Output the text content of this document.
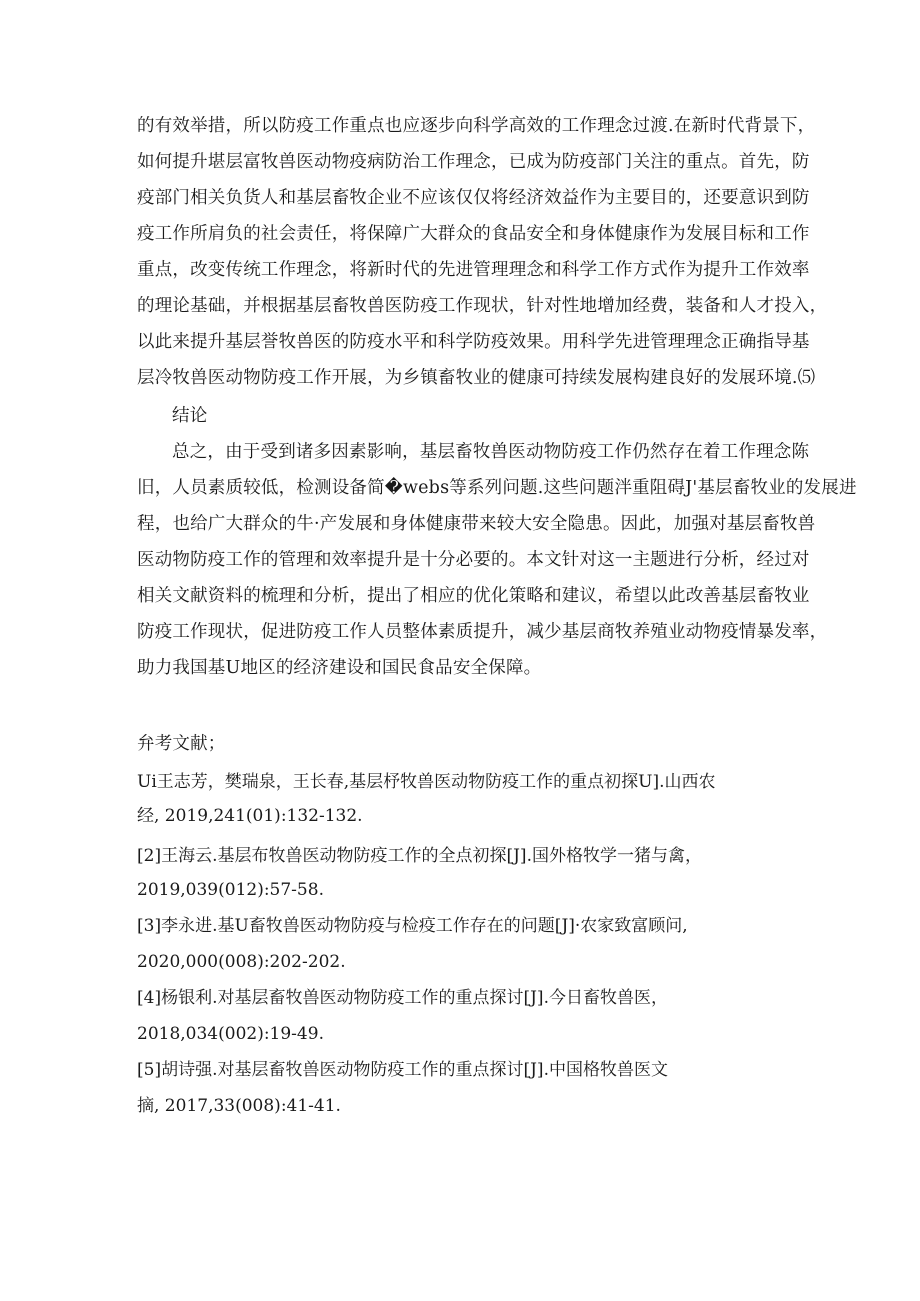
的有效举措，所以防疫工作重点也应逐步向科学高效的工作理念过渡.在新时代背景下，
如何提升堪层富牧兽医动物疫病防治工作理念，已成为防疫部门关注的重点。首先，防
疫部门相关负货人和基层畜牧企业不应该仅仅将经济效益作为主要目的，还要意识到防
疫工作所肩负的社会责任，将保障广大群众的食品安全和身体健康作为发展目标和工作
重点，改变传统工作理念，将新时代的先进管理理念和科学工作方式作为提升工作效率
的理论基础，并根据基层畜牧兽医防疫工作现状，针对性地增加经费，装备和人才投入，
以此来提升基层誉牧兽医的防疫水平和科学防疫效果。用科学先进管理理念正确指导基
层冷牧兽医动物防疫工作开展，为乡镇畜牧业的健康可持续发展构建良好的发展环境.⑸
结论
总之，由于受到诸多因素影响，基层畜牧兽医动物防疫工作仍然存在着工作理念陈
旧，人员素质较低，检测设备简�webs等系列问题.这些问题泮重阻碍J'基层畜牧业的发展进
程，也给广大群众的牛·产发展和身体健康带来较大安全隐患。因此，加强对基层畜牧兽
医动物防疫工作的管理和效率提升是十分必要的。本文针对这一主题进行分析，经过对
相关文献资料的梳理和分析，提出了相应的优化策略和建议，希望以此改善基层畜牧业
防疫工作现状，促进防疫工作人员整体素质提升，减少基层商牧养殖业动物疫情暴发率，
助力我国基U地区的经济建设和国民食品安全保障。
弁考文献；
Ui王志芳，樊瑞泉，王长春,基层杼牧兽医动物防疫工作的重点初探U].山西农
经, 2019,241(01):132-132.
[2]王海云.基层布牧兽医动物防疫工作的全点初探[J].国外格牧学一猪与禽，
2019,039(012):57-58.
[3]李永进.基U畜牧兽医动物防疫与检疫工作存在的问题[J]·农家致富顾问,
2020,000(008):202-202.
[4]杨银利.对基层畜牧兽医动物防疫工作的重点探讨[J].今日畜牧兽医，
2018,034(002):19-49.
[5]胡诗强.对基层畜牧兽医动物防疫工作的重点探讨[J].中国格牧兽医文
摘, 2017,33(008):41-41.
